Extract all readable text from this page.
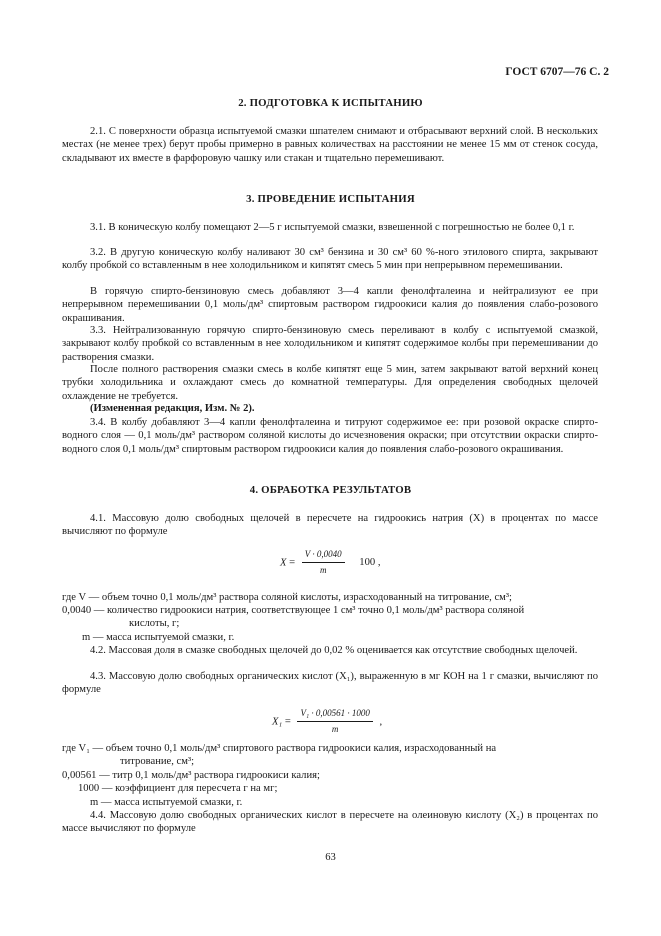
ГОСТ 6707—76 С. 2
2. ПОДГОТОВКА К ИСПЫТАНИЮ
2.1. С поверхности образца испытуемой смазки шпателем снимают и отбрасывают верхний слой. В нескольких местах (не менее трех) берут пробы примерно в равных количествах на расстоянии не менее 15 мм от стенок сосуда, складывают их вместе в фарфоровую чашку или стакан и тщательно перемешивают.
3. ПРОВЕДЕНИЕ ИСПЫТАНИЯ
3.1. В коническую колбу помещают 2—5 г испытуемой смазки, взвешенной с погрешностью не более 0,1 г.
3.2. В другую коническую колбу наливают 30 см³ бензина и 30 см³ 60 %-ного этилового спирта, закрывают колбу пробкой со вставленным в нее холодильником и кипятят смесь 5 мин при непрерывном перемешивании.
В горячую спирто-бензиновую смесь добавляют 3—4 капли фенолфталеина и нейтрализуют ее при непрерывном перемешивании 0,1 моль/дм³ спиртовым раствором гидроокиси калия до появления слабо-розового окрашивания.
3.3. Нейтрализованную горячую спирто-бензиновую смесь переливают в колбу с испытуемой смазкой, закрывают колбу пробкой со вставленным в нее холодильником и кипятят содержимое колбы при перемешивании до растворения смазки.
После полного растворения смазки смесь в колбе кипятят еще 5 мин, затем закрывают ватой верхний конец трубки холодильника и охлаждают смесь до комнатной температуры. Для определения свободных щелочей охлаждение не требуется.
(Измененная редакция, Изм. № 2).
3.4. В колбу добавляют 3—4 капли фенолфталеина и титруют содержимое ее: при розовой окраске спирто-водного слоя — 0,1 моль/дм³ раствором соляной кислоты до исчезновения окраски; при отсутствии окраски спирто-водного слоя 0,1 моль/дм³ спиртовым раствором гидроокиси калия до появления слабо-розового окрашивания.
4. ОБРАБОТКА РЕЗУЛЬТАТОВ
4.1. Массовую долю свободных щелочей в пересчете на гидроокись натрия (X) в процентах по массе вычисляют по формуле
$X = \frac{V \cdot 0,0040}{m} 100$ ,
где V — объем точно 0,1 моль/дм³ раствора соляной кислоты, израсходованный на титрование, см³;
0,0040 — количество гидроокиси натрия, соответствующее 1 см³ точно 0,1 моль/дм³ раствора соляной
кислоты, г;
m — масса испытуемой смазки, г.
4.2. Массовая доля в смазке свободных щелочей до 0,02 % оценивается как отсутствие свободных щелочей.
4.3. Массовую долю свободных органических кислот (X₁), выраженную в мг КОН на 1 г смазки, вычисляют по формуле
$X_1 = \frac{\text{V₁ · 0,00561 · 1000}}{m}$ ,
где V₁ — объем точно 0,1 моль/дм³ спиртового раствора гидроокиси калия, израсходованный на
титрование, см³;
0,00561 — титр 0,1 моль/дм³ раствора гидроокиси калия;
1000 — коэффициент для пересчета г на мг;
m — масса испытуемой смазки, г.
4.4. Массовую долю свободных органических кислот в пересчете на олеиновую кислоту (X₂) в процентах по массе вычисляют по формуле
63
